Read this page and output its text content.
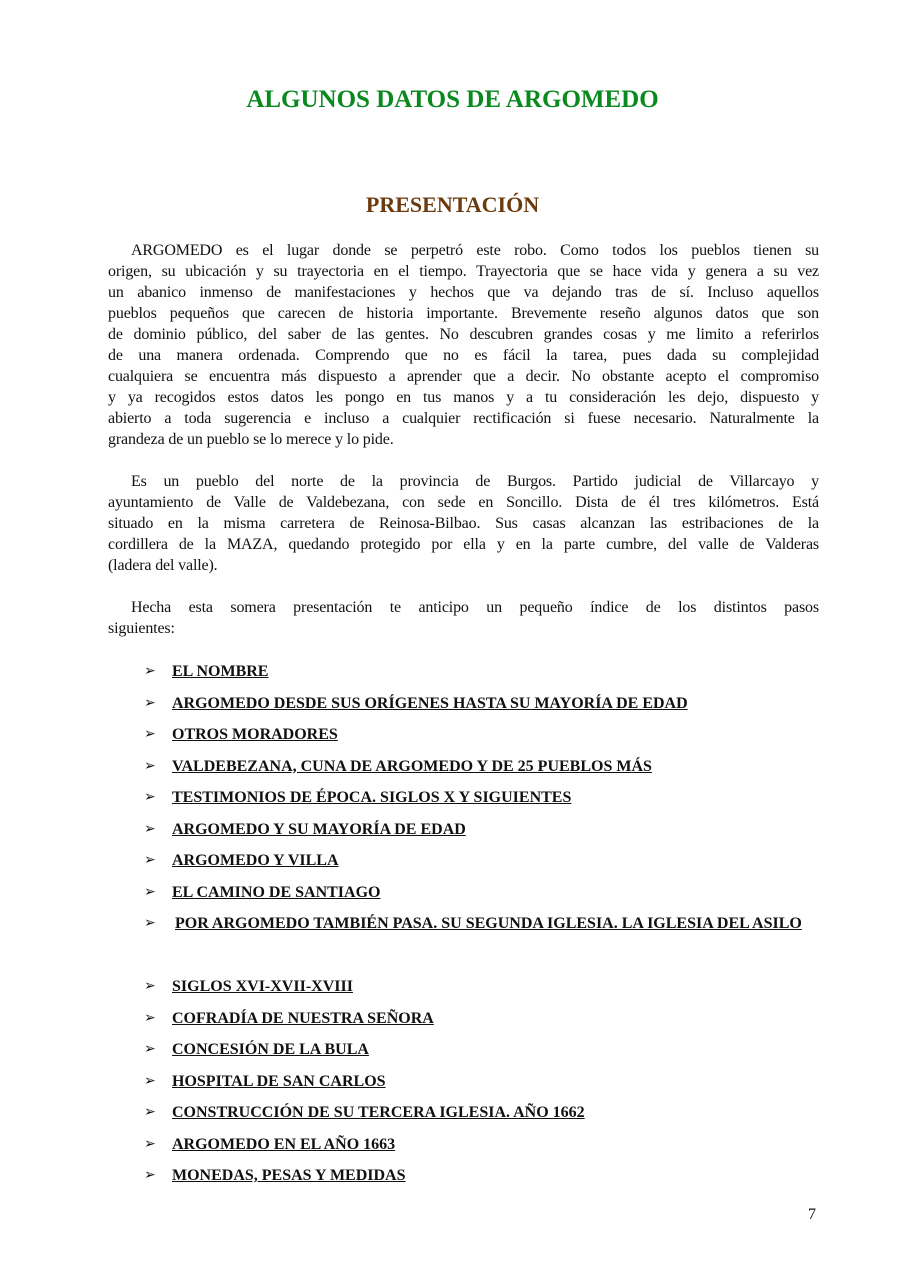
ALGUNOS DATOS DE ARGOMEDO
PRESENTACIÓN
ARGOMEDO es el lugar donde se perpetró este robo. Como todos los pueblos tienen su
origen, su ubicación y su trayectoria en el tiempo. Trayectoria que se hace vida y genera a su vez
un abanico inmenso de manifestaciones y hechos que va dejando tras de sí. Incluso aquellos
pueblos pequeños que carecen de historia importante. Brevemente reseño algunos datos que son
de dominio público, del saber de las gentes. No descubren grandes cosas y me limito a referirlos
de una manera ordenada. Comprendo que no es fácil la tarea, pues dada su complejidad
cualquiera se encuentra más dispuesto a aprender que a decir. No obstante acepto el compromiso
y ya recogidos estos datos les pongo en tus manos y a tu consideración les dejo, dispuesto y
abierto a toda sugerencia e incluso a cualquier rectificación si fuese necesario. Naturalmente la
grandeza de un pueblo se lo merece y lo pide.
Es un pueblo del norte de la provincia de Burgos. Partido judicial de Villarcayo y
ayuntamiento de Valle de Valdebezana, con sede en Soncillo. Dista de él tres kilómetros. Está
situado en la misma carretera de Reinosa-Bilbao. Sus casas alcanzan las estribaciones de la
cordillera de la MAZA, quedando protegido por ella y en la parte cumbre, del valle de Valderas
(ladera del valle).
Hecha esta somera presentación te anticipo un pequeño índice de los distintos pasos
siguientes:
➢ EL NOMBRE
➢ ARGOMEDO DESDE SUS ORÍGENES HASTA SU MAYORÍA DE EDAD
➢ OTROS MORADORES
➢ VALDEBEZANA, CUNA DE ARGOMEDO Y DE 25 PUEBLOS MÁS
➢ TESTIMONIOS DE ÉPOCA. SIGLOS X Y SIGUIENTES
➢ ARGOMEDO Y SU MAYORÍA DE EDAD
➢ ARGOMEDO Y VILLA
➢ EL CAMINO DE SANTIAGO
➢	POR ARGOMEDO TAMBIÉN PASA. SU SEGUNDA IGLESIA. LA IGLESIA DEL ASILO
➢ SIGLOS XVI-XVII-XVIII
➢ COFRADÍA DE NUESTRA SEÑORA
➢ CONCESIÓN DE LA BULA
➢ HOSPITAL DE SAN CARLOS
➢ CONSTRUCCIÓN DE SU TERCERA IGLESIA. AÑO 1662
➢ ARGOMEDO EN EL AÑO 1663
➢ MONEDAS, PESAS Y MEDIDAS
7
